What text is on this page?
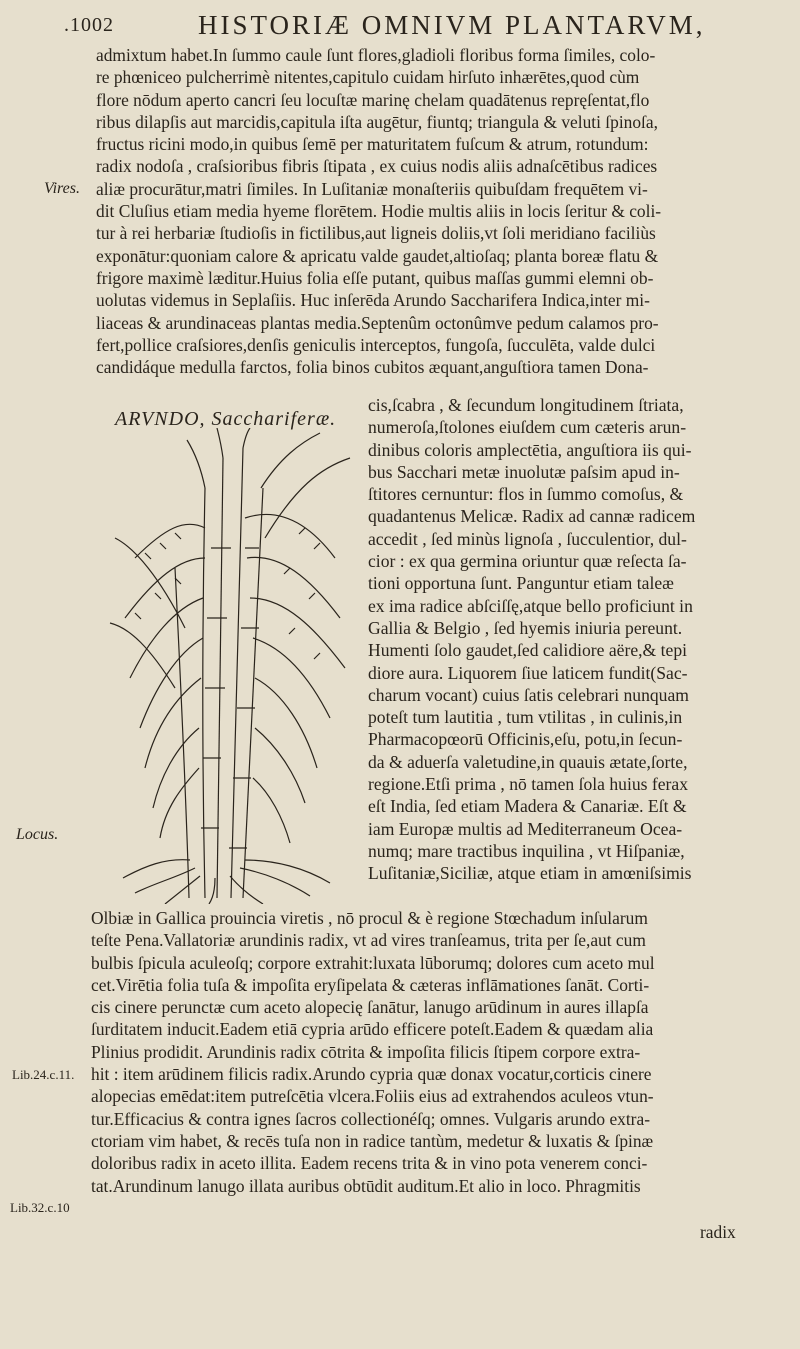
.1002	HISTORIÆ OMNIVM PLANTARVM,
Vires.
Locus.
Lib.24.c.11.
Lib.32.c.10
admixtum habet.In ſummo caule ſunt flores,gladioli floribus forma ſimiles, colo-
re phœniceo pulcherrimè nitentes,capitulo cuidam hirſuto inhærētes,quod cùm
flore nōdum aperto cancri ſeu locuſtæ marinę chelam quadātenus repręſentat,flo
ribus dilapſis aut marcidis,capitula iſta augētur, fiuntq; triangula & veluti ſpinoſa,
fructus ricini modo,in quibus ſemē per maturitatem fuſcum & atrum, rotundum:
radix nodoſa , craſsioribus fibris ſtipata , ex cuius nodis aliis adnaſcētibus radices
aliæ procurātur,matri ſimiles. In Luſitaniæ monaſteriis quibuſdam frequētem vi-
dit Cluſius etiam media hyeme florētem. Hodie multis aliis in locis ſeritur & coli-
tur à rei herbariæ ſtudioſis in fictilibus,aut ligneis doliis,vt ſoli meridiano faciliùs
exponātur:quoniam calore & apricatu valde gaudet,altioſaq; planta boreæ flatu &
frigore maximè læditur.Huius folia eſſe putant, quibus maſſas gummi elemni ob-
uolutas videmus in Seplaſiis. Huc inſerēda Arundo Saccharifera Indica,inter mi-
liaceas & arundinaceas plantas media.Septenûm octonûmve pedum calamos pro-
fert,pollice craſsiores,denſis geniculis interceptos, fungoſa, ſucculēta, valde dulci
candidáque medulla farctos, folia binos cubitos æquant,anguſtiora tamen Dona-
ARVNDO, Sacchariferæ.
cis,ſcabra , & ſecundum longitudinem ſtriata,
numeroſa,ſtolones eiuſdem cum cæteris arun-
dinibus coloris amplectētia, anguſtiora iis qui-
bus Sacchari metæ inuolutæ paſsim apud in-
ſtitores cernuntur: flos in ſummo comoſus, &
quadantenus Melicæ. Radix ad cannæ radicem
accedit , ſed minùs lignoſa , ſucculentior, dul-
cior : ex qua germina oriuntur quæ reſecta ſa-
tioni opportuna ſunt. Panguntur etiam taleæ
ex ima radice abſciſſę,atque bello proficiunt in
Gallia & Belgio , ſed hyemis iniuria pereunt.
Humenti ſolo gaudet,ſed calidiore aëre,& tepi
diore aura. Liquorem ſiue laticem fundit(Sac-
charum vocant) cuius ſatis celebrari nunquam
poteſt tum lautitia , tum vtilitas , in culinis,in
Pharmacopœorū Officinis,eſu, potu,in ſecun-
da & aduerſa valetudine,in quauis ætate,ſorte,
regione.Etſi prima , nō tamen ſola huius ferax
eſt India, ſed etiam Madera & Canariæ. Eſt &
iam Europæ multis ad Mediterraneum Ocea-
numq; mare tractibus inquilina , vt Hiſpaniæ,
Luſitaniæ,Siciliæ, atque etiam in amœniſsimis
Olbiæ in Gallica prouincia viretis , nō procul & è regione Stœchadum inſularum
teſte Pena.Vallatoriæ arundinis radix, vt ad vires tranſeamus, trita per ſe,aut cum
bulbis ſpicula aculeoſq; corpore extrahit:luxata lūborumq; dolores cum aceto mul
cet.Virētia folia tuſa & impoſita eryſipelata & cæteras inflāmationes ſanāt. Corti-
cis cinere perunctæ cum aceto alopecię ſanātur, lanugo arūdinum in aures illapſa
ſurditatem inducit.Eadem etiā cypria arūdo efficere poteſt.Eadem & quædam alia
Plinius prodidit. Arundinis radix cōtrita & impoſita filicis ſtipem corpore extra-
hit : item arūdinem filicis radix.Arundo cypria quæ donax vocatur,corticis cinere
alopecias emēdat:item putreſcētia vlcera.Foliis eius ad extrahendos aculeos vtun-
tur.Efficacius & contra ignes ſacros collectionéſq; omnes. Vulgaris arundo extra-
ctoriam vim habet, & recēs tuſa non in radice tantùm, medetur & luxatis & ſpinæ
doloribus radix in aceto illita. Eadem recens trita & in vino pota venerem conci-
tat.Arundinum lanugo illata auribus obtūdit auditum.Et alio in loco. Phragmitis
radix
